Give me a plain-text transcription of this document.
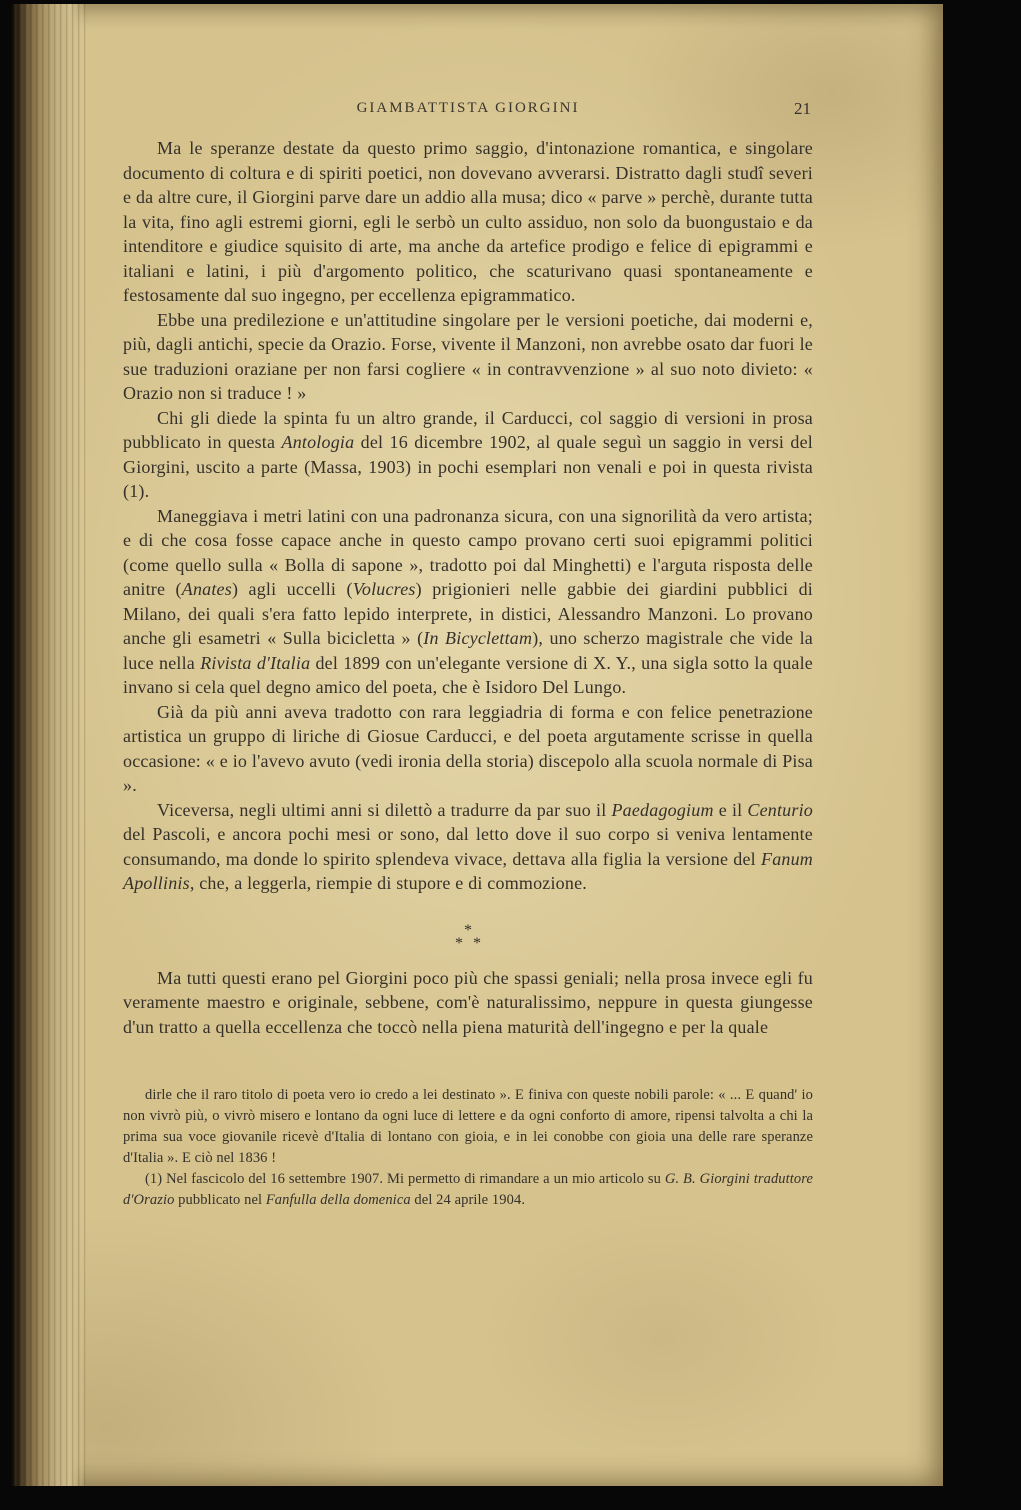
GIAMBATTISTA GIORGINI	21

Ma le speranze destate da questo primo saggio, d'intonazione romantica, e singolare documento di coltura e di spiriti poetici, non dovevano avverarsi. Distratto dagli studî severi e da altre cure, il Giorgini parve dare un addio alla musa; dico « parve » perchè, durante tutta la vita, fino agli estremi giorni, egli le serbò un culto assiduo, non solo da buongustaio e da intenditore e giudice squisito di arte, ma anche da artefice prodigo e felice di epigrammi e italiani e latini, i più d'argomento politico, che scaturivano quasi spontaneamente e festosamente dal suo ingegno, per eccellenza epigrammatico.

Ebbe una predilezione e un'attitudine singolare per le versioni poetiche, dai moderni e, più, dagli antichi, specie da Orazio. Forse, vivente il Manzoni, non avrebbe osato dar fuori le sue traduzioni oraziane per non farsi cogliere « in contravvenzione » al suo noto divieto: « Orazio non si traduce ! »

Chi gli diede la spinta fu un altro grande, il Carducci, col saggio di versioni in prosa pubblicato in questa Antologia del 16 dicembre 1902, al quale seguì un saggio in versi del Giorgini, uscito a parte (Massa, 1903) in pochi esemplari non venali e poi in questa rivista (1).

Maneggiava i metri latini con una padronanza sicura, con una signorilità da vero artista; e di che cosa fosse capace anche in questo campo provano certi suoi epigrammi politici (come quello sulla « Bolla di sapone », tradotto poi dal Minghetti) e l'arguta risposta delle anitre (Anates) agli uccelli (Volucres) prigionieri nelle gabbie dei giardini pubblici di Milano, dei quali s'era fatto lepido interprete, in distici, Alessandro Manzoni. Lo provano anche gli esametri « Sulla bicicletta » (In Bicyclettam), uno scherzo magistrale che vide la luce nella Rivista d'Italia del 1899 con un'elegante versione di X. Y., una sigla sotto la quale invano si cela quel degno amico del poeta, che è Isidoro Del Lungo.

Già da più anni aveva tradotto con rara leggiadria di forma e con felice penetrazione artistica un gruppo di liriche di Giosue Carducci, e del poeta argutamente scrisse in quella occasione: « e io l'avevo avuto (vedi ironia della storia) discepolo alla scuola normale di Pisa ».

Viceversa, negli ultimi anni si dilettò a tradurre da par suo il Paedagogium e il Centurio del Pascoli, e ancora pochi mesi or sono, dal letto dove il suo corpo si veniva lentamente consumando, ma donde lo spirito splendeva vivace, dettava alla figlia la versione del Fanum Apollinis, che, a leggerla, riempie di stupore e di commozione.

*
* *

Ma tutti questi erano pel Giorgini poco più che spassi geniali; nella prosa invece egli fu veramente maestro e originale, sebbene, com'è naturalissimo, neppure in questa giungesse d'un tratto a quella eccellenza che toccò nella piena maturità dell'ingegno e per la quale

dirle che il raro titolo di poeta vero io credo a lei destinato ». E finiva con queste nobili parole: « ... E quand' io non vivrò più, o vivrò misero e lontano da ogni luce di lettere e da ogni conforto di amore, ripensi talvolta a chi la prima sua voce giovanile ricevè d'Italia di lontano con gioia, e in lei conobbe con gioia una delle rare speranze d'Italia ». E ciò nel 1836 !

(1) Nel fascicolo del 16 settembre 1907. Mi permetto di rimandare a un mio articolo su G. B. Giorgini traduttore d'Orazio pubblicato nel Fanfulla della domenica del 24 aprile 1904.
